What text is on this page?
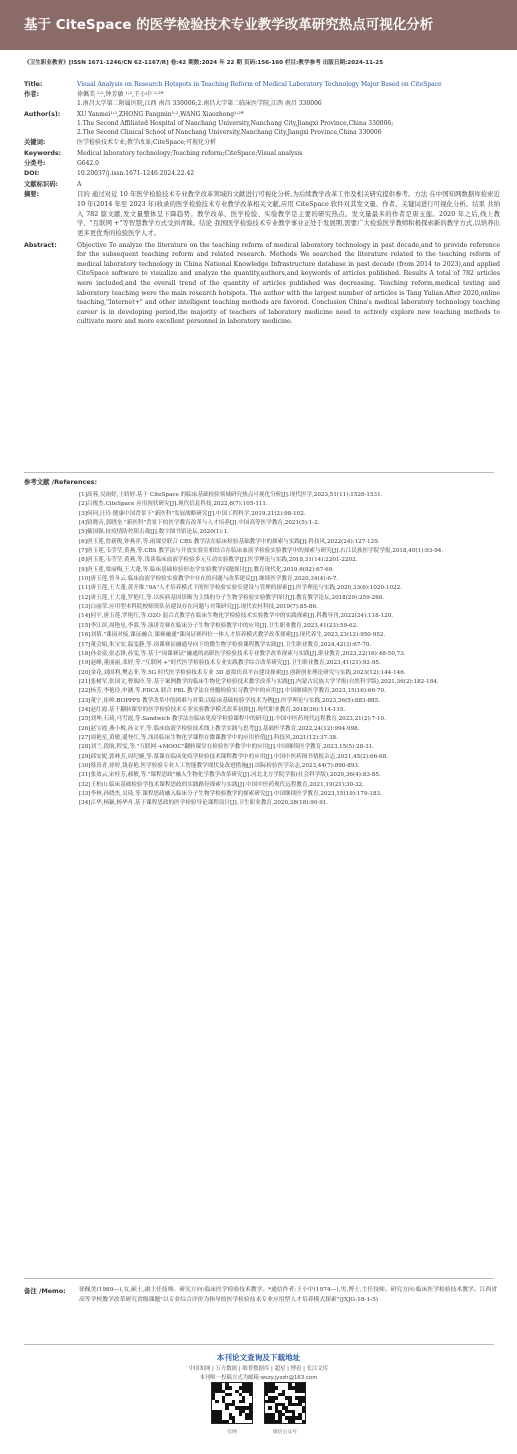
基于 CiteSpace 的医学检验技术专业教学改革研究热点可视化分析
《卫生职业教育》[ISSN 1671-1246/CN 62-1167/R] 卷:42 期数:2024 年 22 期 页码:156-160 栏目:教学参考 出版日期:2024-11-25
Title:	Visual Analysis on Research Hotspots in Teaching Reform of Medical Laboratory Technology Major Based on CiteSpace
作者:	徐佩美 ¹˒²,钟芳敏 ¹˒²,王小中 ¹˒²*
1.南昌大学第二附属医院,江西 南昌 330006;2.南昌大学第二临床医学院,江西 南昌 330006
Author(s):	XU Yanmei¹˒²,ZHONG Fangmin¹˒²,WANG Xiaozhong¹˒²*
1.The Second Affiliated Hospital of Nanchang University,Nanchang City,Jiangxi Province,China 330006;
2.The Second Clinical School of Nanchang University,Nanchang City,Jiangxi Province,China 330006
关键词:	医学检验技术专业;教学改革;CiteSpace;可视化分析
Keywords:	Medical laboratory technology;Teaching reform;CiteSpace;Visual analysis
分类号:	G642.0
DOI:	10.20037/j.issn.1671-1246.2024.22.42
文献标识码:	A
摘要:	目的 通过对近 10 年医学检验技术专业教学改革领域的文献进行可视化分析,为后续教学改革工作及相关研究提供参考。方法 在中国知网数据库检索近 10 年(2014 年至 2023 年)收录的医学检验技术专业教学改革相关文献,应用 CiteSpace 软件对其发文量、作者、关键词进行可视化分析。结果 共纳入 782 篇文献,发文量整体呈下降趋势。教学改革、医学检验、实验教学是主要的研究热点。发文量最多的作者是唐玉莲。2020 年之后,线上教学、"互联网 +"等智慧教学方式受到青睐。结论 我国医学检验技术专业教学事业正处于发展期,需要广大检验医学教师积极探索新的教学方式,以培养出更多更优秀的检验医学人才。
Abstract:	Objective To analyze the literature on the teaching reform of medical laboratory technology in past decade,and to provide reference for the subsequent teaching reform and related research. Methods We searched the literature related to the teaching reform of medical laboratory technology in China National Knowledge Infrastructure database in past decade (from 2014 to 2023),and applied CiteSpace software to visualize and analyze the quantity,authors,and keywords of articles published. Results A total of 782 articles were included,and the overall trend of the quantity of articles published was decreasing. Teaching reform,medical testing and laboratory teaching were the main research hotspots. The author with the largest number of articles is Tang Yulian.After 2020,online teaching,"Internet+" and other intelligent teaching methods are favored. Conclusion China's medical laboratory technology teaching career is in developing period,the majority of teachers of laboratory medicine need to actively explore new teaching methods to cultivate more and more excellent personnel in laboratory medicine.
参考文献 /References:
[1]高蓉,吴雨婷,王娇婷.基于 CiteSpace 的临床基础检验领域研究热点可视化分析[J].现代医学,2023,51(11):1526-1531.
[2]吕俊杰.CiteSpace 应用现状研究[J].现代信息科技,2022,6(7):105-111.
[3]何珂,汪玲.健康中国背景下"新医科"发展战略研究[J].中国工程科学,2019,21(2):98-102.
[4]钮晓音,郭晓奎."新医科"背景下的医学教育改革与人才培养[J].中国高等医学教育,2021(5):1-2.
[5]戴国强.抗疫情防控阻击战[J].数字图书馆论坛,2020(1):1.
[6]唐玉莲,詹新俊,钟燕萍,等.雨课堂联合 CBS 教学法在临床检验基础教学中的探索与实践[J].科技风,2022(24):127-129.
[7]唐玉莲,韦莹莹,黄燕,等.CBS 教学法与开放实验室相结合在临床血液学检验实验教学中的探索与研究[J].右江民族医学院学报,2018,40(1):93-94.
[8]唐玉莲,韦莹莹,黄燕,等.浅谈临床血液学检验多元互动实验教学[J].医学理论与实践,2018,31(14):2201-2202.
[9]唐玉莲,梁丽梅,王大蓬,等.临床基础检验形态学实验教学问题探讨[J].教育现代化,2019,6(92):67-69.
[10]唐玉莲,曾冬云.临床血液学检验实验教学中存在的问题与改革建议[J].继续医学教育,2020,34(4):6-7.
[11]唐玉莲,王大蓬,黄开维."9A"人才培养模式下的医学检验实验室建设与管理的探索[J].医学理论与实践,2020,33(6):1020-1022.
[12]唐玉莲,王大蓬,罗艳红,等.以疾病基因诊断为主线的分子生物学检验实验教学探讨[J].教育教学论坛,2018(29):259-260.
[13]白丽荣.应用型本科院校师资队伍建设存在问题与对策研究[J].现代农村科技,2019(7):85-86.
[14]何平,唐玉莲,罗艳红,等.O2O 混合式教学在临床生物化学检验技术实验教学中的实践探索[J].科教导刊,2022(24):118-120.
[15]李江滨,周艳星,李慕,等.演讲竞赛在临床分子生物学检验教学中的应用[J].卫生职业教育,2023,41(23):59-62.
[16]刘倩."课岗对接,课证融合,课赛融通"课岗证赛四位一体人才培养模式教学改革探索[J].现代养生,2023,23(12):950-952.
[17]董会娟,朱宝安,温雯静,等.岗课赛证融通导向下的微生物学检验课程教学实践[J].卫生职业教育,2024,42(3):67-70.
[18]孙金富,张志锋,孙雯,等.基于"岗课赛证"融通的高职医学检验技术专业教学改革探索与实践[J].职业教育,2023,22(16):48-50,73.
[19]赵峰,董丽丽,邓婷,等."互联网 +"时代医学检验技术专业实践教学综合改革研究[J].卫生职业教育,2023,41(21):92-95.
[20]金花,刘国利,樊志菲,等.5G 时代医学检验技术专业 3D 虚拟仿真平台建设探索[J].创新创业理论研究与实践,2023(12):144-146.
[21]张树军,张国文,曹瑞玲,等.基于案例教学的临床生物化学检验技术教学改革与实践[J].内蒙古民族大学学报(自然科学版),2021,36(2):182-184.
[22]杨芳,李艳玲,申涵,等.PDCA 联合 PBL 教学法在骨髓检验实习教学中的应用[J].中国继续医学教育,2023,15(16):66-70.
[23]董宁,崔岭.BOPPPS 教学改革中的困难与对策:以临床基础检验学技术为例[J].医学理论与实践,2023,36(5):883-885.
[24]赵红霞.基于翻转课堂的医学检验技术专业实验教学模式改革初探[J].现代职业教育,2018(36):114-115.
[25]刘坤,石琦,马雪霞,等.Sandwich 教学法在临床免疫学检验课程中的研究[J].中国中医药现代远程教育,2023,21(2):7-10.
[26]赵宝霞,燕小梅,孙文平,等.临床血液学检验技术线上教学实践与思考[J].基础医学教育,2022,24(12):994-998.
[27]周艳星,黄敏,遥登红,等.浅谈临床生物化学课程在微课教学中的应用价值[J].科技风,2021(12):37-38.
[28]刘兰,段航,程雯,等."互联网 +MOOC"翻转课堂在检验医学教学中的应用[J].中国继续医学教育,2023,15(5):28-31.
[29]邱安妮,郭林芳,周纪婉,等.慕课在临床免疫学检验技术课程教学中的应用[J].中国中医药图书情报杂志,2021,45(2):66-68.
[30]蔡真青,徐婷,钱春艳.医学检验专业人工智能教学现状及改进措施[J].国际检验医学杂志,2023,44(7):890-893.
[31]张效云,宋桂芳,郝敏,等."课程思政"融入生物化学教学改革研究[J].河北北方学院学报(社会科学版),2020,36(4):83-85.
[32]王柏山.临床基础检验学技术课程思政的实践路径探索与实践[J].中国中医药现代远程教育,2021,19(21):30-32.
[33]李林,孙晓杰,吴琦,等.课程思政融入临床分子生物学检验教学的探索研究[J].中国继续医学教育,2023,15(19):179-183.
[34]江华,杨颖,杨华舟.基于课程思政的医学检验导论课程设计[J].卫生职业教育,2020,38(18):90-91.
备注 /Memo: 徐佩美(1989—),女,硕士,副主任技师。研究方向:临床医学检验技术教学。*通信作者:王小中(1974—),男,博士,主任技师。研究方向:临床医学检验技术教学。江西省高等学校教学改革研究省级课题"以专业综合评价为指导的医学检验技术专业应用型人才培养模式探索"(JXJG-18-1-5)
本刊论文查询及下载地址
中国知网 | 万方数据 | 维普数据库 | 超星 | 博看 | 长江文库
本刊唯一投稿方式为邮箱:wszy.jyzzh@163.com
官网	微信公众号
